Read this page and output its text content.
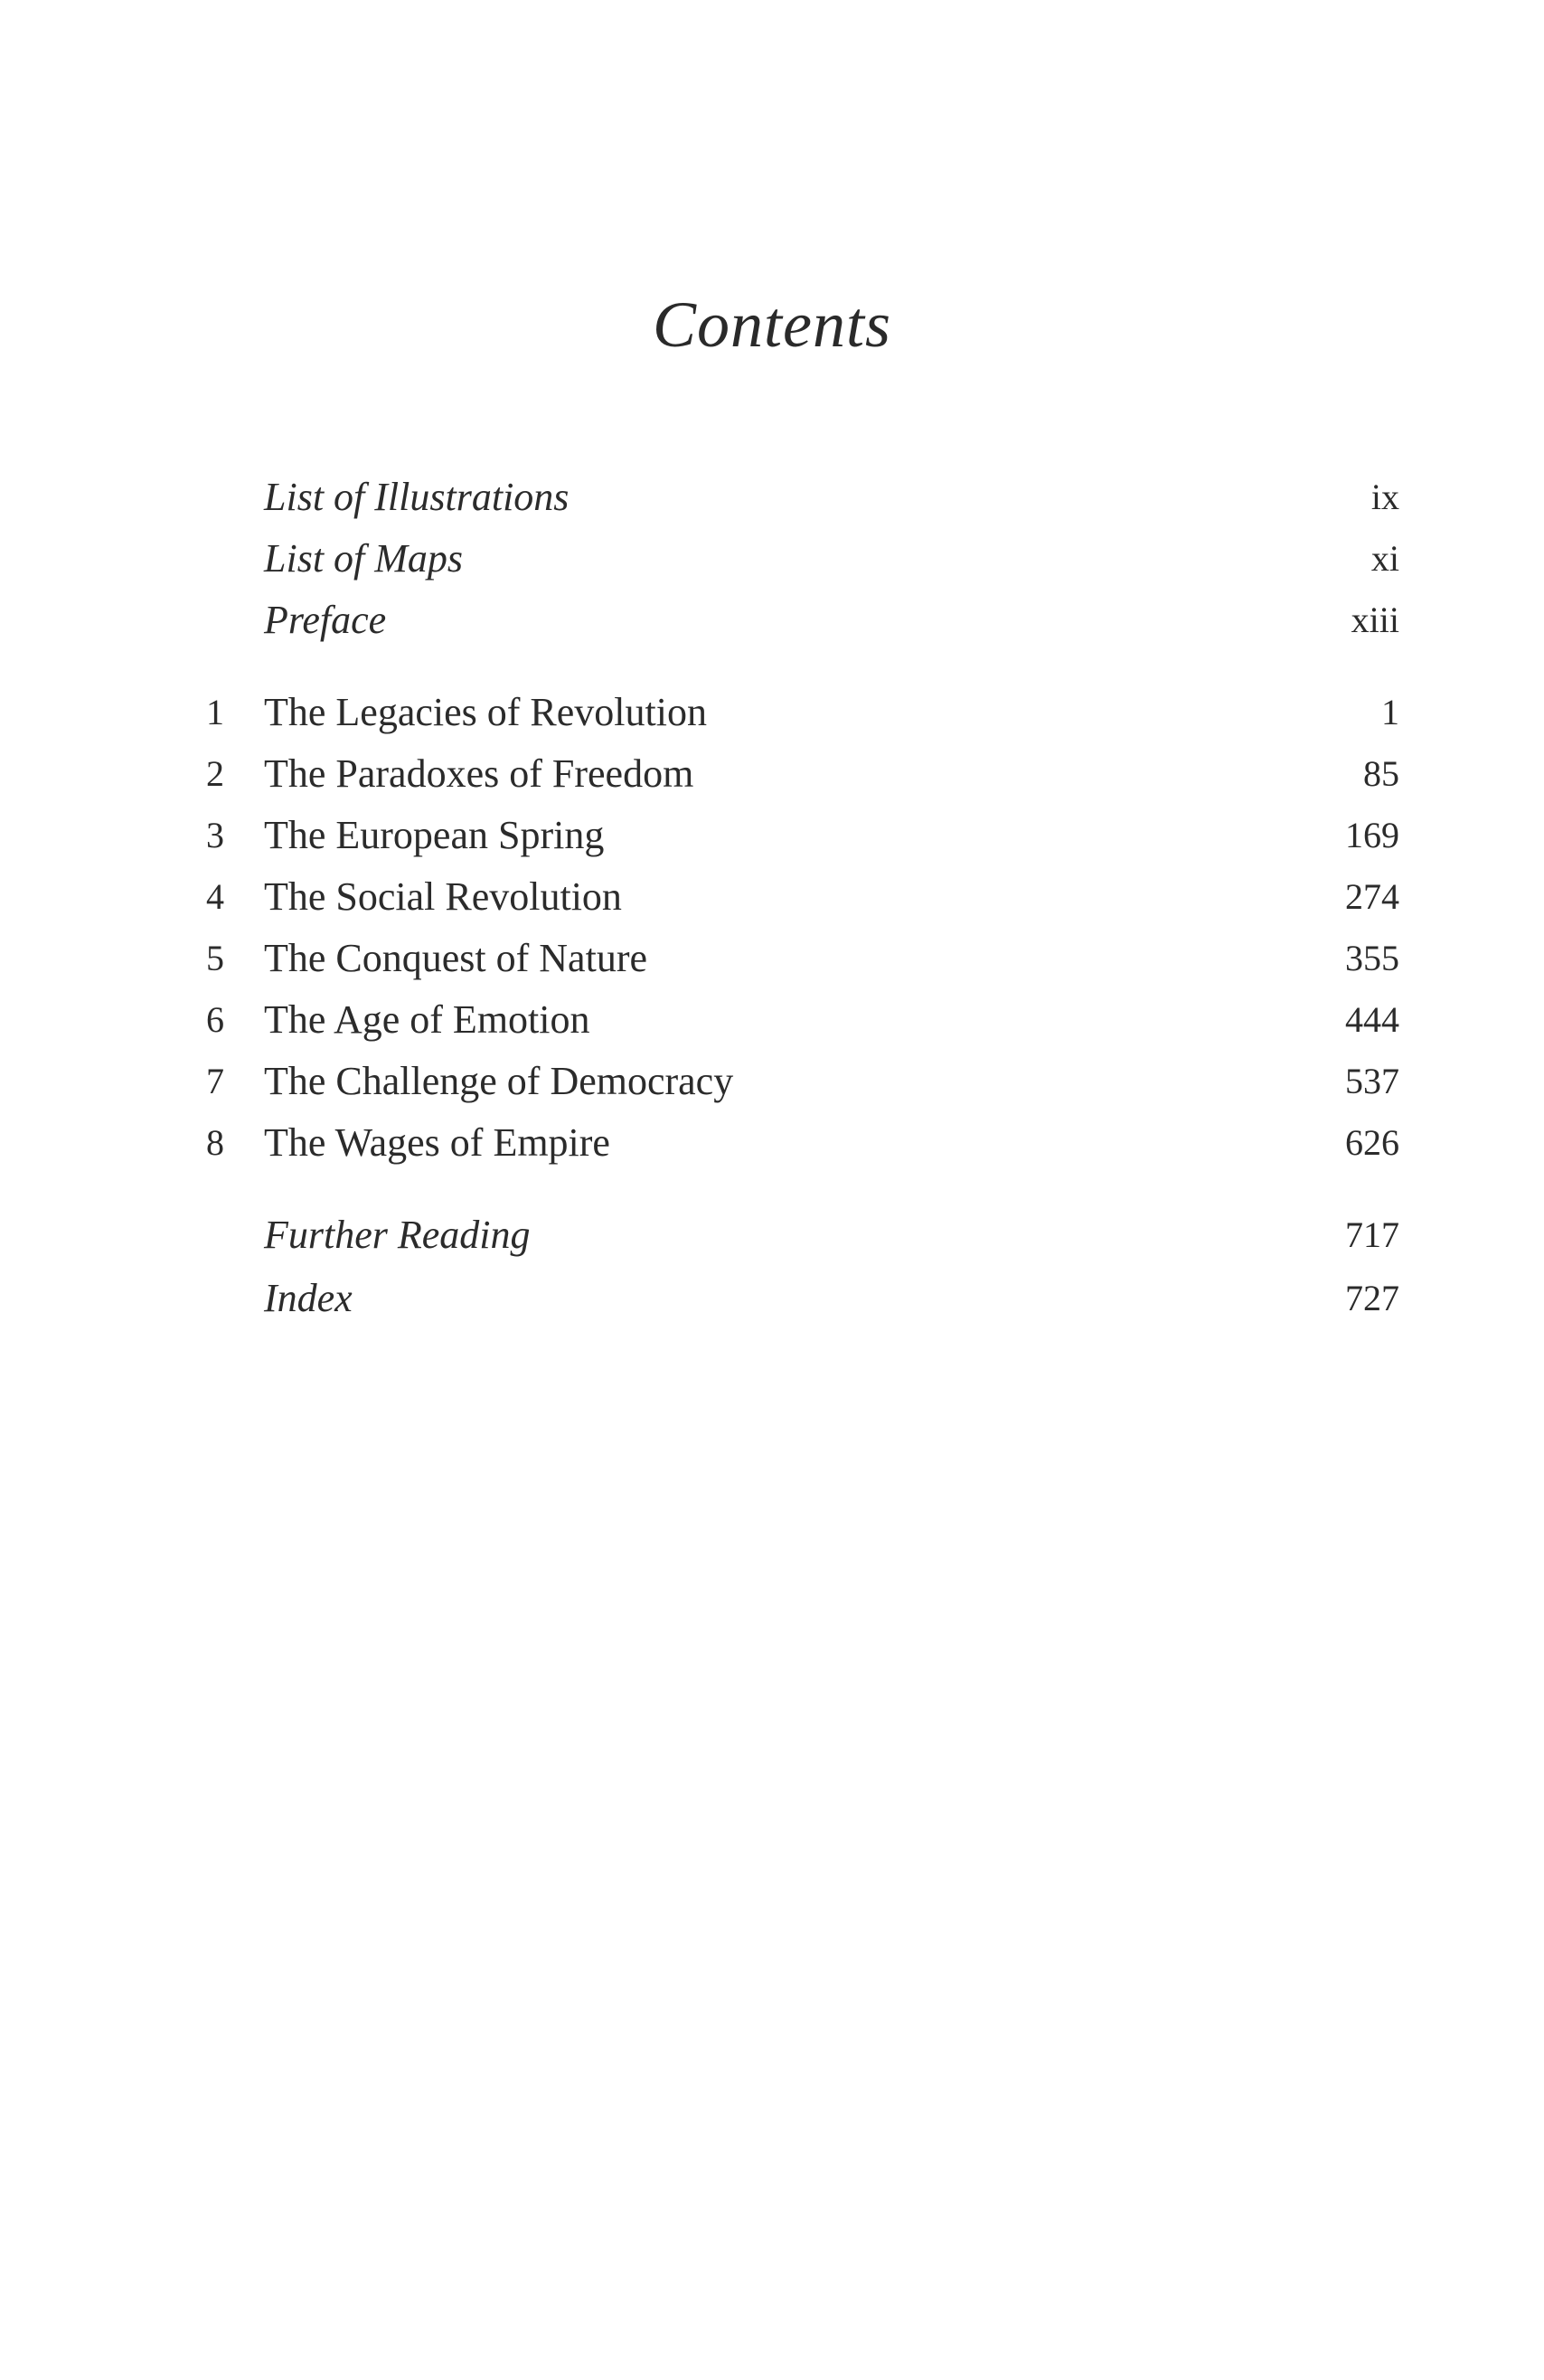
Contents
List of Illustrations	ix
List of Maps	xi
Preface	xiii
1	The Legacies of Revolution	1
2	The Paradoxes of Freedom	85
3	The European Spring	169
4	The Social Revolution	274
5	The Conquest of Nature	355
6	The Age of Emotion	444
7	The Challenge of Democracy	537
8	The Wages of Empire	626
Further Reading	717
Index	727
